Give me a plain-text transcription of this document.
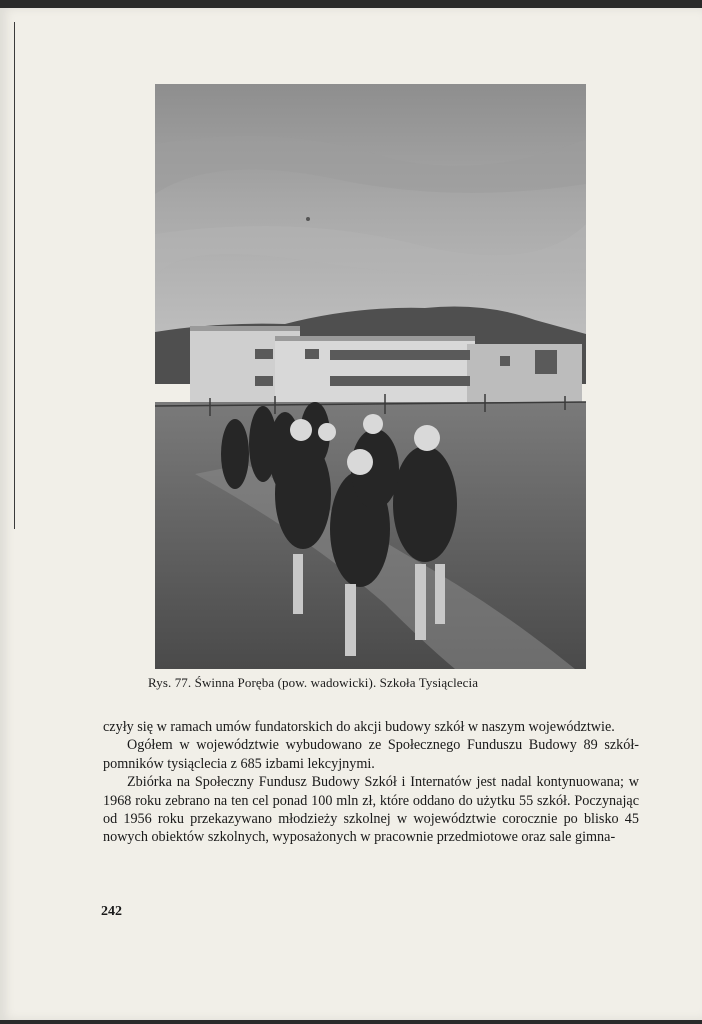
Rys. 77. Świnna Poręba (pow. wadowicki). Szkoła Tysiąclecia

czyły się w ramach umów fundatorskich do akcji budowy szkół w naszym województwie.

Ogółem w województwie wybudowano ze Społecznego Funduszu Budowy 89 szkół-pomników tysiąclecia z 685 izbami lekcyjnymi.

Zbiórka na Społeczny Fundusz Budowy Szkół i Internatów jest nadal kontynuowana; w 1968 roku zebrano na ten cel ponad 100 mln zł, które oddano do użytku 55 szkół. Poczynając od 1956 roku przekazywano młodzieży szkolnej w województwie corocznie po blisko 45 nowych obiektów szkolnych, wyposażonych w pracownie przedmiotowe oraz sale gimna-

242
